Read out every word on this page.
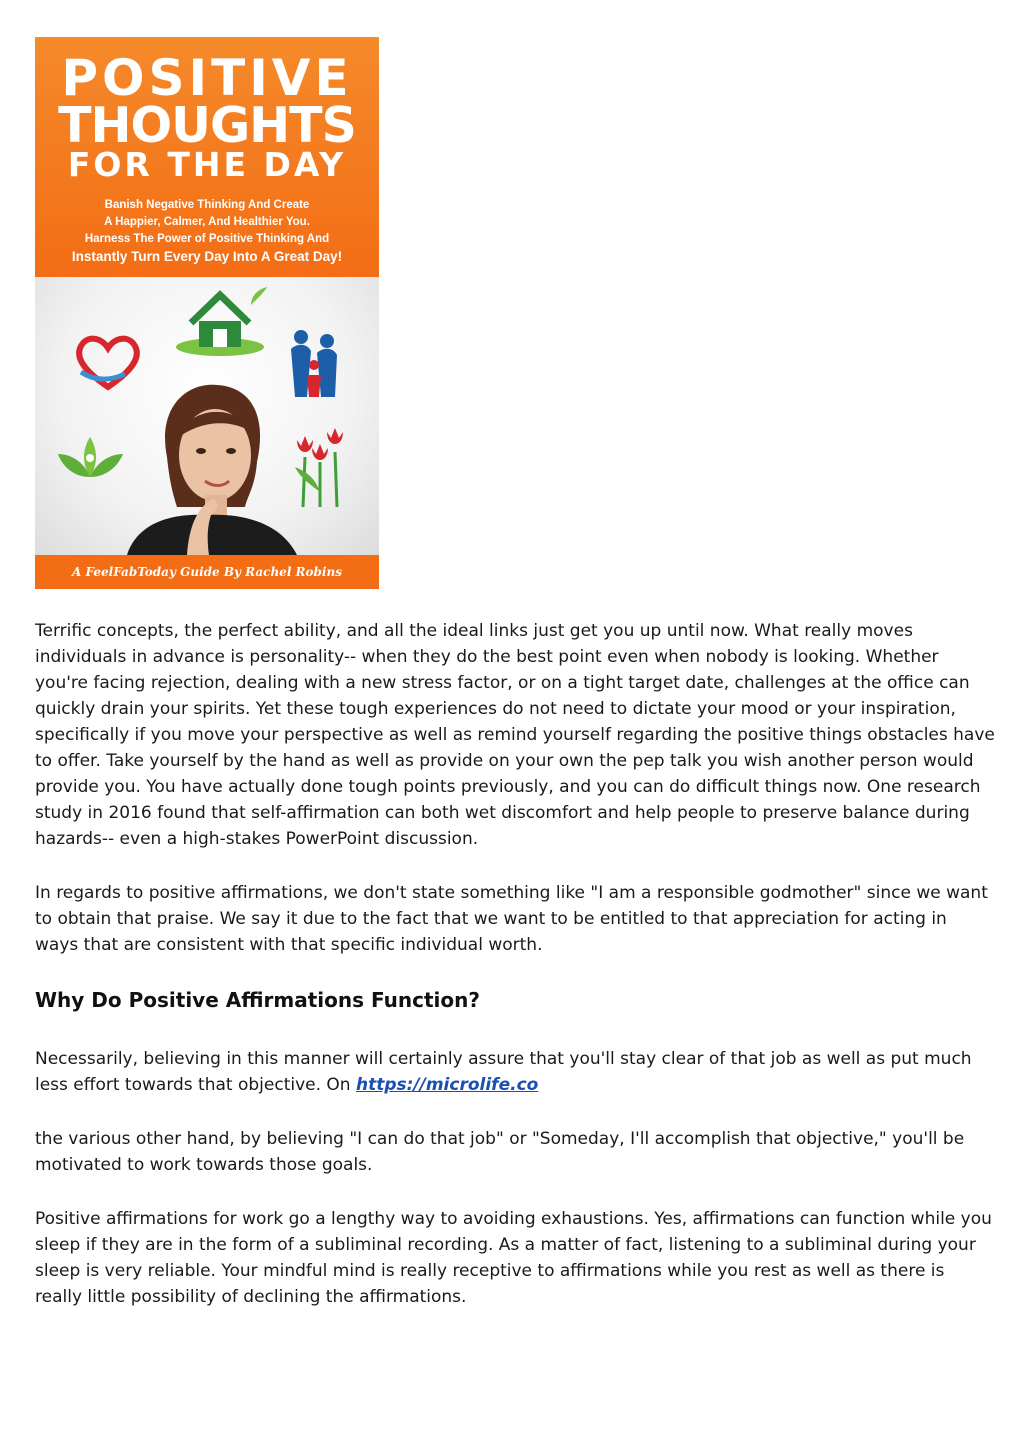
POSITIVE
THOUGHTS
FOR THE DAY
Banish Negative Thinking And Create
A Happier, Calmer, And Healthier You.
Harness The Power of Positive Thinking And
Instantly Turn Every Day Into A Great Day!
A FeelFabToday Guide By Rachel Robins

Terrific concepts, the perfect ability, and all the ideal links just get you up until now. What really moves individuals in advance is personality-- when they do the best point even when nobody is looking. Whether you're facing rejection, dealing with a new stress factor, or on a tight target date, challenges at the office can quickly drain your spirits. Yet these tough experiences do not need to dictate your mood or your inspiration, specifically if you move your perspective as well as remind yourself regarding the positive things obstacles have to offer. Take yourself by the hand as well as provide on your own the pep talk you wish another person would provide you. You have actually done tough points previously, and you can do difficult things now. One research study in 2016 found that self-affirmation can both wet discomfort and help people to preserve balance during hazards-- even a high-stakes PowerPoint discussion.

In regards to positive affirmations, we don't state something like "I am a responsible godmother" since we want to obtain that praise. We say it due to the fact that we want to be entitled to that appreciation for acting in ways that are consistent with that specific individual worth.

Why Do Positive Affirmations Function?

Necessarily, believing in this manner will certainly assure that you'll stay clear of that job as well as put much less effort towards that objective. On https://microlife.co

the various other hand, by believing "I can do that job" or "Someday, I'll accomplish that objective," you'll be motivated to work towards those goals.

Positive affirmations for work go a lengthy way to avoiding exhaustions. Yes, affirmations can function while you sleep if they are in the form of a subliminal recording. As a matter of fact, listening to a subliminal during your sleep is very reliable. Your mindful mind is really receptive to affirmations while you rest as well as there is really little possibility of declining the affirmations.
